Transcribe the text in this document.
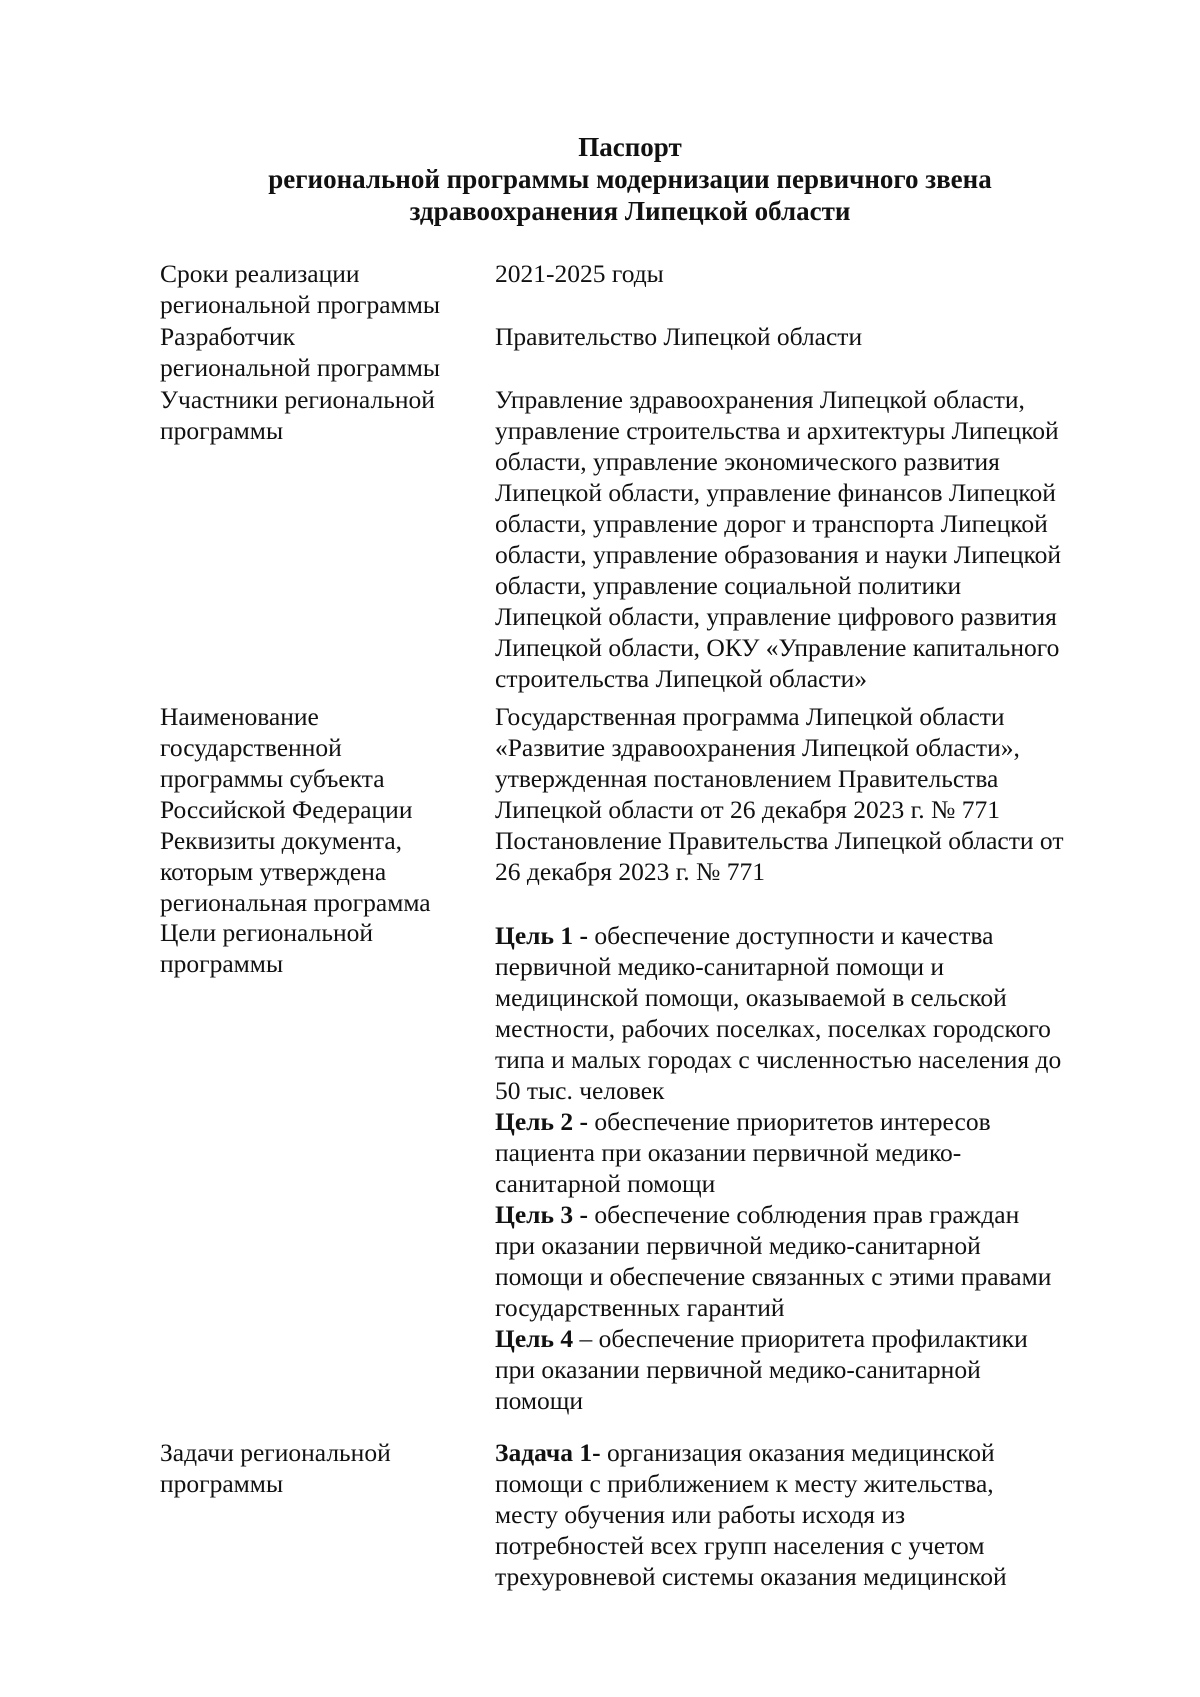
Паспорт
региональной программы модернизации первичного звена
здравоохранения Липецкой области
Сроки реализации
региональной программы
2021-2025 годы
Разработчик
региональной программы
Правительство Липецкой области
Участники региональной
программы
Управление здравоохранения Липецкой области,
управление строительства и архитектуры Липецкой
области, управление экономического развития
Липецкой области, управление финансов Липецкой
области, управление дорог и транспорта Липецкой
области, управление образования и науки Липецкой
области, управление социальной политики
Липецкой области, управление цифрового развития
Липецкой области, ОКУ «Управление капитального
строительства Липецкой области»
Наименование
государственной
программы субъекта
Российской Федерации
Государственная программа Липецкой области
«Развитие здравоохранения Липецкой области»,
утвержденная постановлением Правительства
Липецкой области от 26 декабря 2023 г. № 771
Реквизиты документа,
которым утверждена
региональная программа
Постановление Правительства Липецкой области от
26 декабря 2023 г. № 771
Цели региональной
программы
Цель 1 - обеспечение доступности и качества
первичной медико-санитарной помощи и
медицинской помощи, оказываемой в сельской
местности, рабочих поселках, поселках городского
типа и малых городах с численностью населения до
50 тыс. человек
Цель 2 - обеспечение приоритетов интересов
пациента при оказании первичной медико-
санитарной помощи
Цель 3 - обеспечение соблюдения прав граждан
при оказании первичной медико-санитарной
помощи и обеспечение связанных с этими правами
государственных гарантий
Цель 4 – обеспечение приоритета профилактики
при оказании первичной медико-санитарной
помощи
Задачи региональной
программы
Задача 1- организация оказания медицинской
помощи с приближением к месту жительства,
месту обучения или работы исходя из
потребностей всех групп населения с учетом
трехуровневой системы оказания медицинской
